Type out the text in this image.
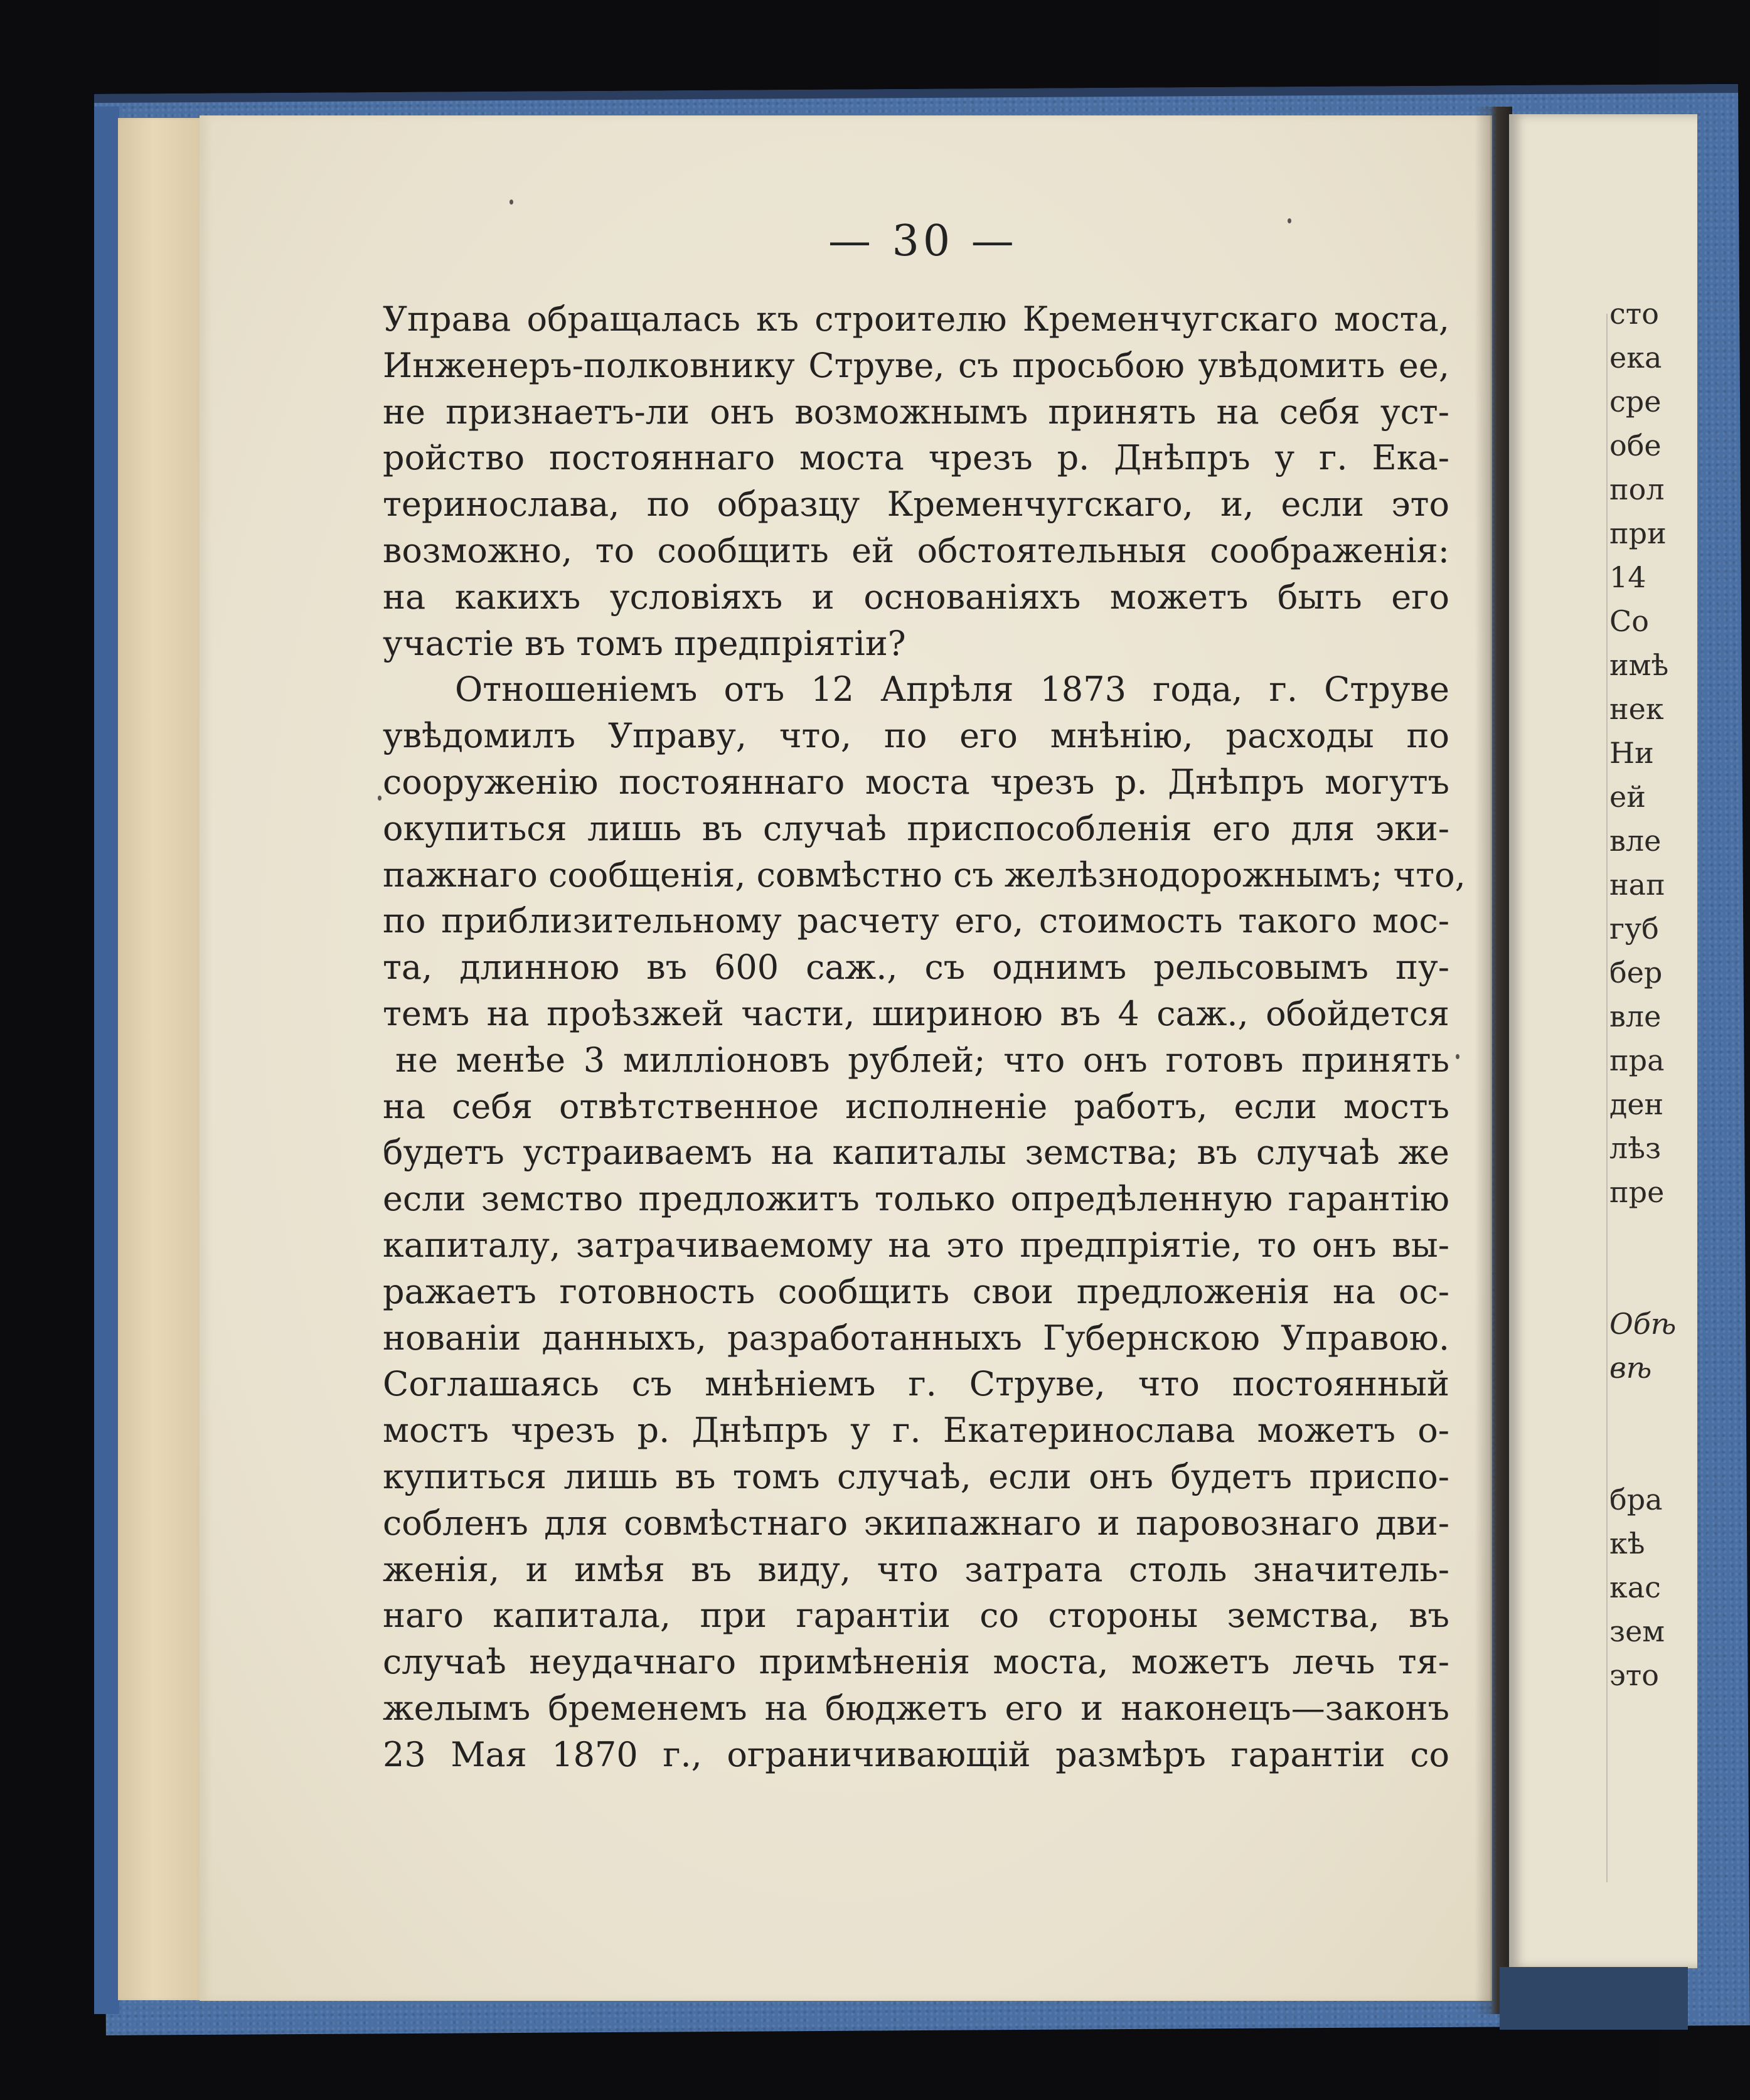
— 30 —
Управа обращалась къ строителю Кременчугскаго моста,
Инженеръ-полковнику Струве, съ просьбою увѣдомить ее,
не признаетъ-ли онъ возможнымъ принять на себя уст-
ройство постояннаго моста чрезъ р. Днѣпръ у г. Ека-
теринослава, по образцу Кременчугскаго, и, если это
возможно, то сообщить ей обстоятельныя соображенія:
на какихъ условіяхъ и основаніяхъ можетъ быть его
участіе въ томъ предпріятіи?
Отношеніемъ отъ 12 Апрѣля 1873 года, г. Струве
увѣдомилъ Управу, что, по его мнѣнію, расходы по
сооруженію постояннаго моста чрезъ р. Днѣпръ могутъ
окупиться лишь въ случаѣ приспособленія его для эки-
пажнаго сообщенія, совмѣстно съ желѣзнодорожнымъ; что,
по приблизительному расчету его, стоимость такого мос-
та, длинною въ 600 саж., съ однимъ рельсовымъ пу-
темъ на проѣзжей части, шириною въ 4 саж., обойдется
не менѣе 3 милліоновъ рублей; что онъ готовъ принять
на себя отвѣтственное исполненіе работъ, если мостъ
будетъ устраиваемъ на капиталы земства; въ случаѣ же
если земство предложитъ только опредѣленную гарантію
капиталу, затрачиваемому на это предпріятіе, то онъ вы-
ражаетъ готовность сообщить свои предложенія на ос-
нованіи данныхъ, разработанныхъ Губернскою Управою.
Соглашаясь съ мнѣніемъ г. Струве, что постоянный
мостъ чрезъ р. Днѣпръ у г. Екатеринослава можетъ о-
купиться лишь въ томъ случаѣ, если онъ будетъ приспо-
собленъ для совмѣстнаго экипажнаго и паровознаго дви-
женія, и имѣя въ виду, что затрата столь значитель-
наго капитала, при гарантіи со стороны земства, въ
случаѣ неудачнаго примѣненія моста, можетъ лечь тя-
желымъ бременемъ на бюджетъ его и наконецъ—законъ
23 Мая 1870 г., ограничивающій размѣръ гарантіи со
сто
ека
сре
обе
пол
при
14
Со
имѣ
нек
Ни
ей
вле
нап
губ
бер
вле
пра
ден
лѣз
пре
Обѣ
вѣ
бра
кѣ
кас
зем
это
